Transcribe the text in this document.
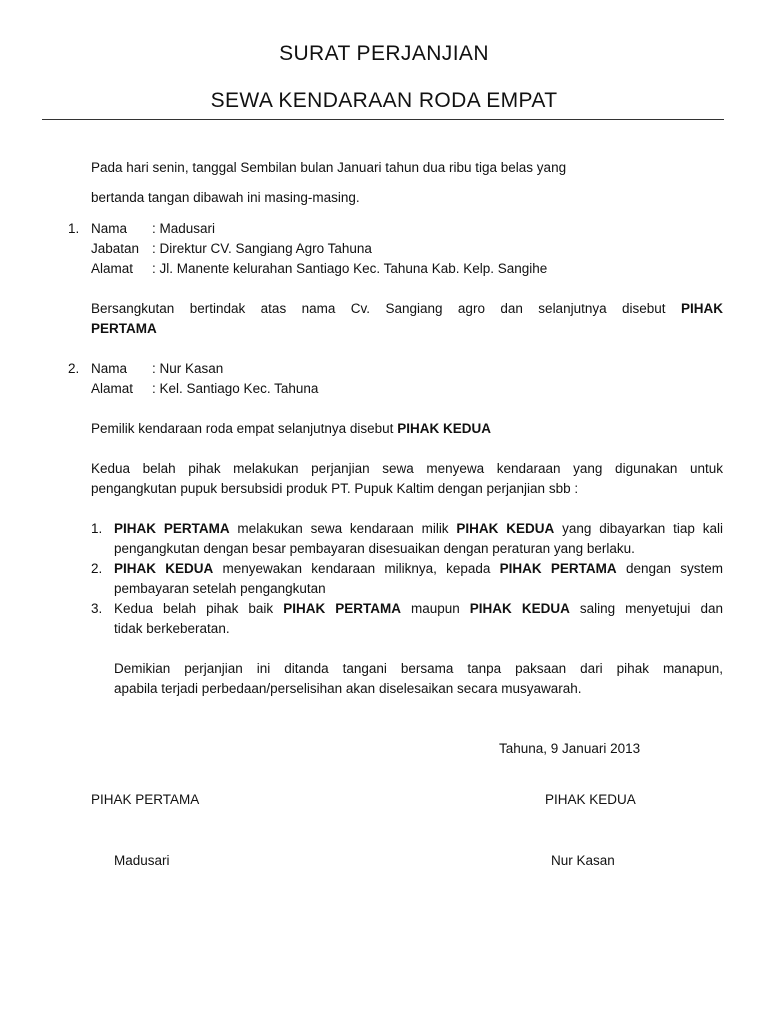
SURAT PERJANJIAN
SEWA KENDARAAN RODA EMPAT
Pada hari senin, tanggal Sembilan bulan Januari tahun dua ribu tiga belas yang
bertanda tangan dibawah ini masing-masing.
1. Nama : Madusari
Jabatan : Direktur CV. Sangiang Agro Tahuna
Alamat : Jl. Manente kelurahan Santiago Kec. Tahuna Kab. Kelp. Sangihe
Bersangkutan bertindak atas nama Cv. Sangiang agro dan selanjutnya disebut PIHAK
PERTAMA
2. Nama : Nur Kasan
Alamat : Kel. Santiago Kec. Tahuna
Pemilik kendaraan roda empat selanjutnya disebut PIHAK KEDUA
Kedua belah pihak melakukan perjanjian sewa menyewa kendaraan yang digunakan untuk
pengangkutan pupuk bersubsidi produk PT. Pupuk Kaltim dengan perjanjian sbb :
1. PIHAK PERTAMA melakukan sewa kendaraan milik PIHAK KEDUA yang dibayarkan tiap kali
pengangkutan dengan besar pembayaran disesuaikan dengan peraturan yang berlaku.
2. PIHAK KEDUA menyewakan kendaraan miliknya, kepada PIHAK PERTAMA dengan system
pembayaran setelah pengangkutan
3. Kedua belah pihak baik PIHAK PERTAMA maupun PIHAK KEDUA saling menyetujui dan
tidak berkeberatan.
Demikian perjanjian ini ditanda tangani bersama tanpa paksaan dari pihak manapun,
apabila terjadi perbedaan/perselisihan akan diselesaikan secara musyawarah.
Tahuna, 9 Januari 2013
PIHAK PERTAMA	PIHAK KEDUA
Madusari	Nur Kasan
